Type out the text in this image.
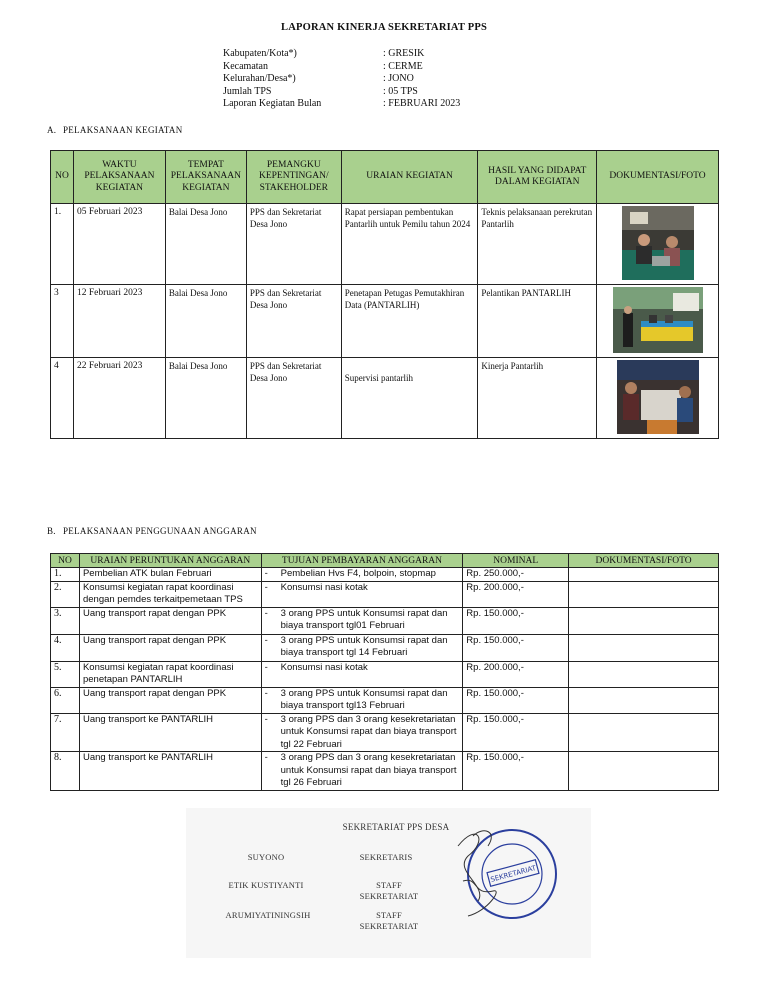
LAPORAN KINERJA SEKRETARIAT PPS
Kabupaten/Kota*)	: GRESIK
Kecamatan	: CERME
Kelurahan/Desa*)	: JONO
Jumlah TPS	: 05 TPS
Laporan Kegiatan Bulan	: FEBRUARI 2023
A. PELAKSANAAN KEGIATAN
NO	WAKTU PELAKSANAAN KEGIATAN	TEMPAT PELAKSANAAN KEGIATAN	PEMANGKU KEPENTINGAN/ STAKEHOLDER	URAIAN KEGIATAN	HASIL YANG DIDAPAT DALAM KEGIATAN	DOKUMENTASI/FOTO
1.	05 Februari 2023	Balai Desa Jono	PPS dan Sekretariat Desa Jono	Rapat persiapan pembentukan Pantarlih untuk Pemilu tahun 2024	Teknis pelaksanaan perekrutan Pantarlih	
3	12 Februari 2023	Balai Desa Jono	PPS dan Sekretariat Desa Jono	Penetapan Petugas Pemutakhiran Data (PANTARLIH)	Pelantikan PANTARLIH	
4	22 Februari 2023	Balai Desa Jono	PPS dan Sekretariat Desa Jono	Supervisi pantarlih	Kinerja Pantarlih	
B. PELAKSANAAN PENGGUNAAN ANGGARAN
NO	URAIAN PERUNTUKAN ANGGARAN	TUJUAN PEMBAYARAN ANGGARAN	NOMINAL	DOKUMENTASI/FOTO
1.	Pembelian ATK bulan Februari	- Pembelian Hvs F4, bolpoin, stopmap	Rp. 250.000,-	
2.	Konsumsi kegiatan rapat koordinasi dengan pemdes terkaitpemetaan TPS	- Konsumsi nasi kotak	Rp. 200.000,-	
3.	Uang transport rapat dengan PPK	- 3 orang PPS untuk Konsumsi rapat dan biaya transport tgl01 Februari	Rp. 150.000,-	
4.	Uang transport rapat dengan PPK	- 3 orang PPS untuk Konsumsi rapat dan biaya transport tgl 14 Februari	Rp. 150.000,-	
5.	Konsumsi kegiatan rapat koordinasi penetapan PANTARLIH	- Konsumsi nasi kotak	Rp. 200.000,-	
6.	Uang transport rapat dengan PPK	- 3 orang PPS untuk Konsumsi rapat dan biaya transport tgl13 Februari	Rp. 150.000,-	
7.	Uang transport ke PANTARLIH	- 3 orang PPS dan 3 orang kesekretariatan untuk Konsumsi rapat dan biaya transport tgl 22 Februari	Rp. 150.000,-	
8.	Uang transport ke PANTARLIH	- 3 orang PPS dan 3 orang kesekretariatan untuk Konsumsi rapat dan biaya transport tgl 26 Februari	Rp. 150.000,-	
SEKRETARIAT PPS DESA
SUYONO	SEKRETARIS
ETIK KUSTIYANTI	STAFF SEKRETARIAT
ARUMIYATININGSIH	STAFF SEKRETARIAT
SEKRETARIAT
